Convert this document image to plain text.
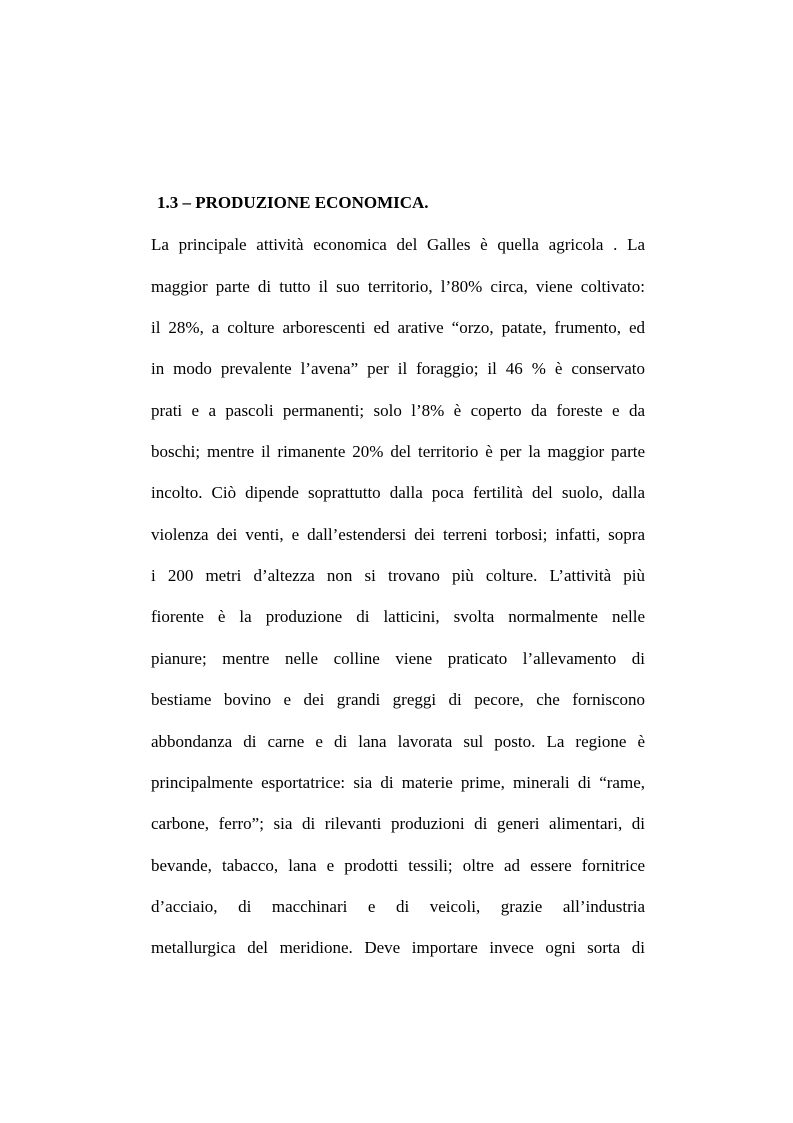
1.3 – PRODUZIONE ECONOMICA.
La principale attività economica del Galles è quella agricola . La
maggior parte di tutto il suo territorio, l’80% circa, viene coltivato:
il 28%, a colture arborescenti ed arative “orzo, patate, frumento, ed
in modo prevalente l’avena” per il foraggio; il 46 % è conservato
prati e a pascoli permanenti; solo l’8% è coperto da foreste e da
boschi; mentre il rimanente 20% del territorio è per la maggior parte
incolto. Ciò dipende soprattutto dalla poca fertilità del suolo, dalla
violenza dei venti, e dall’estendersi dei terreni torbosi; infatti, sopra
i 200 metri d’altezza non si trovano più colture. L’attività più
fiorente è la produzione di latticini, svolta normalmente nelle
pianure; mentre nelle colline viene praticato l’allevamento di
bestiame bovino e dei grandi greggi di pecore, che forniscono
abbondanza di carne e di lana lavorata sul posto. La regione è
principalmente esportatrice: sia di materie prime, minerali di “rame,
carbone, ferro”; sia di rilevanti produzioni di generi alimentari, di
bevande, tabacco, lana e prodotti tessili; oltre ad essere fornitrice
d’acciaio, di macchinari e di veicoli, grazie all’industria
metallurgica del meridione. Deve importare invece ogni sorta di
